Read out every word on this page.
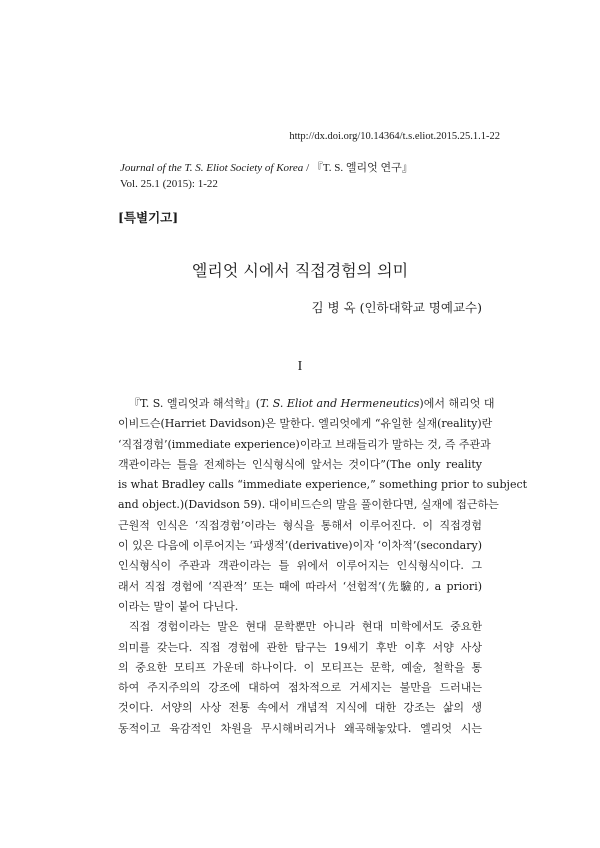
http://dx.doi.org/10.14364/t.s.eliot.2015.25.1.1-22
Journal of the T. S. Eliot Society of Korea / 『T. S. 엘리엇 연구』
Vol. 25.1 (2015): 1-22
[특별기고]
엘리엇 시에서 직접경험의 의미
김 병 옥 (인하대학교 명예교수)
I
『T. S. 엘리엇과 해석학』(T. S. Eliot and Hermeneutics)에서 해리엇 대
이비드슨(Harriet Davidson)은 말한다. 엘리엇에게 “유일한 실재(reality)란
‘직접경험’(immediate experience)이라고 브래들리가 말하는 것, 즉 주관과
객관이라는 틀을 전제하는 인식형식에 앞서는 것이다”(The only reality
is what Bradley calls “immediate experience,” something prior to subject
and object.)(Davidson 59). 대이비드슨의 말을 풀이한다면, 실재에 접근하는
근원적 인식은 ‘직접경험’이라는 형식을 통해서 이루어진다. 이 직접경험
이 있은 다음에 이루어지는 ‘파생적’(derivative)이자 ‘이차적’(secondary)
인식형식이 주관과 객관이라는 틀 위에서 이루어지는 인식형식이다. 그
래서 직접 경험에 ‘직관적’ 또는 때에 따라서 ‘선험적’(先驗的, a priori)
이라는 말이 붙어 다닌다.
직접 경험이라는 말은 현대 문학뿐만 아니라 현대 미학에서도 중요한
의미를 갖는다. 직접 경험에 관한 탐구는 19세기 후반 이후 서양 사상
의 중요한 모티프 가운데 하나이다. 이 모티프는 문학, 예술, 철학을 통
하여 주지주의의 강조에 대하여 점차적으로 거세지는 불만을 드러내는
것이다. 서양의 사상 전통 속에서 개념적 지식에 대한 강조는 삶의 생
동적이고 육감적인 차원을 무시해버리거나 왜곡해놓았다. 엘리엇 시는
